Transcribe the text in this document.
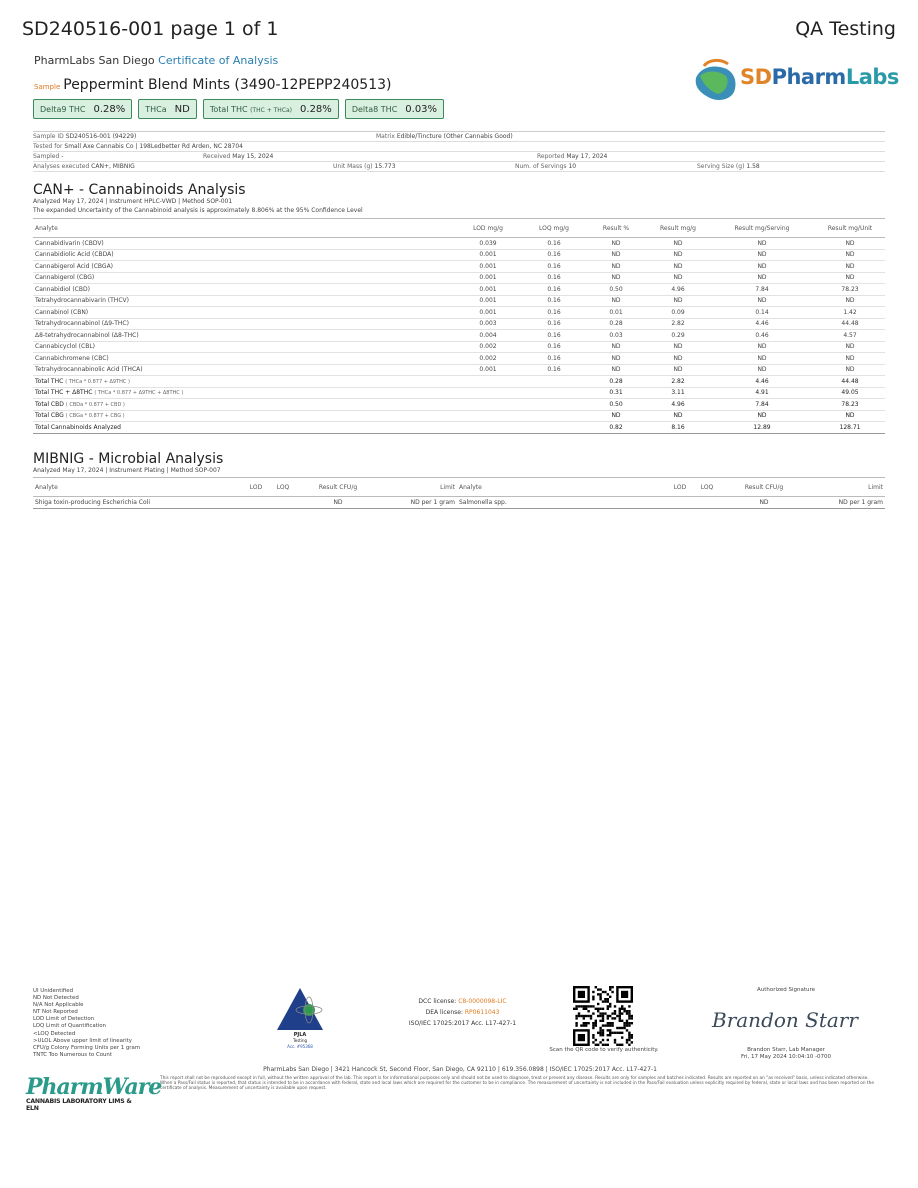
SD240516-001 page 1 of 1	QA Testing
PharmLabs San Diego Certificate of Analysis
Sample Peppermint Blend Mints (3490-12PEPP240513)
Delta9 THC 0.28%	THCa ND	Total THC (THC + THCa) 0.28%	Delta8 THC 0.03%
SDPharmLabs
Sample ID SD240516-001 (94229)	Matrix Edible/Tincture (Other Cannabis Good)
Tested for Small Axe Cannabis Co | 198Ledbetter Rd Arden, NC 28704
Sampled -	Received May 15, 2024	Reported May 17, 2024
Analyses executed CAN+, MIBNIG	Unit Mass (g) 15.773	Num. of Servings 10	Serving Size (g) 1.58
CAN+ - Cannabinoids Analysis
Analyzed May 17, 2024 | Instrument HPLC-VWD | Method SOP-001
The expanded Uncertainty of the Cannabinoid analysis is approximately 8.806% at the 95% Confidence Level
Analyte	LOD mg/g	LOQ mg/g	Result %	Result mg/g	Result mg/Serving	Result mg/Unit
Cannabidivarin (CBDV)	0.039	0.16	ND	ND	ND	ND
Cannabidiolic Acid (CBDA)	0.001	0.16	ND	ND	ND	ND
Cannabigerol Acid (CBGA)	0.001	0.16	ND	ND	ND	ND
Cannabigerol (CBG)	0.001	0.16	ND	ND	ND	ND
Cannabidiol (CBD)	0.001	0.16	0.50	4.96	7.84	78.23
Tetrahydrocannabivarin (THCV)	0.001	0.16	ND	ND	ND	ND
Cannabinol (CBN)	0.001	0.16	0.01	0.09	0.14	1.42
Tetrahydrocannabinol (Δ9-THC)	0.003	0.16	0.28	2.82	4.46	44.48
Δ8-tetrahydrocannabinol (Δ8-THC)	0.004	0.16	0.03	0.29	0.46	4.57
Cannabicyclol (CBL)	0.002	0.16	ND	ND	ND	ND
Cannabichromene (CBC)	0.002	0.16	ND	ND	ND	ND
Tetrahydrocannabinolic Acid (THCA)	0.001	0.16	ND	ND	ND	ND
Total THC ( THCa * 0.877 + Δ9THC )			0.28	2.82	4.46	44.48
Total THC + Δ8THC ( THCa * 0.877 + Δ9THC + Δ8THC )			0.31	3.11	4.91	49.05
Total CBD ( CBDa * 0.877 + CBD )			0.50	4.96	7.84	78.23
Total CBG ( CBGa * 0.877 + CBG )			ND	ND	ND	ND
Total Cannabinoids Analyzed			0.82	8.16	12.89	128.71
MIBNIG - Microbial Analysis
Analyzed May 17, 2024 | Instrument Plating | Method SOP-007
Analyte	LOD	LOQ	Result CFU/g	Limit	Analyte	LOD	LOQ	Result CFU/g	Limit
Shiga toxin-producing Escherichia Coli			ND	ND per 1 gram	Salmonella spp.			ND	ND per 1 gram
UI Unidentified
ND Not Detected
N/A Not Applicable
NT Not Reported
LOD Limit of Detection
LOQ Limit of Quantification
<LOQ Detected
>ULOL Above upper limit of linearity
CFU/g Colony Forming Units per 1 gram
TNTC Too Numerous to Count
PJLA
Testing
Acc. #95368
DCC license: C8-0000098-LIC
DEA license: RP0611043
ISO/IEC 17025:2017 Acc. L17-427-1
Scan the QR code to verify authenticity.
Authorized Signature
Brandon Starr
Brandon Starr, Lab Manager
Fri, 17 May 2024 10:04:10 -0700
PharmLabs San Diego | 3421 Hancock St, Second Floor, San Diego, CA 92110 | 619.356.0898 | ISO/IEC 17025:2017 Acc. L17-427-1
This report shall not be reproduced except in full, without the written approval of the lab. This report is for informational purposes only and should not be used to diagnose, treat or prevent any disease. Results are only for samples and batches indicated. Results are reported on an "as received" basis, unless indicated otherwise. When a Pass/Fail status is reported, that status is intended to be in accordance with federal, state and local laws which are required for the customer to be in compliance. The measurement of uncertainty is not included in the Pass/Fail evaluation unless explicitly required by federal, state or local laws and has been reported on the certificate of analysis. Measurement of uncertainty is available upon request.
PharmWare
CANNABIS LABORATORY LIMS & ELN
